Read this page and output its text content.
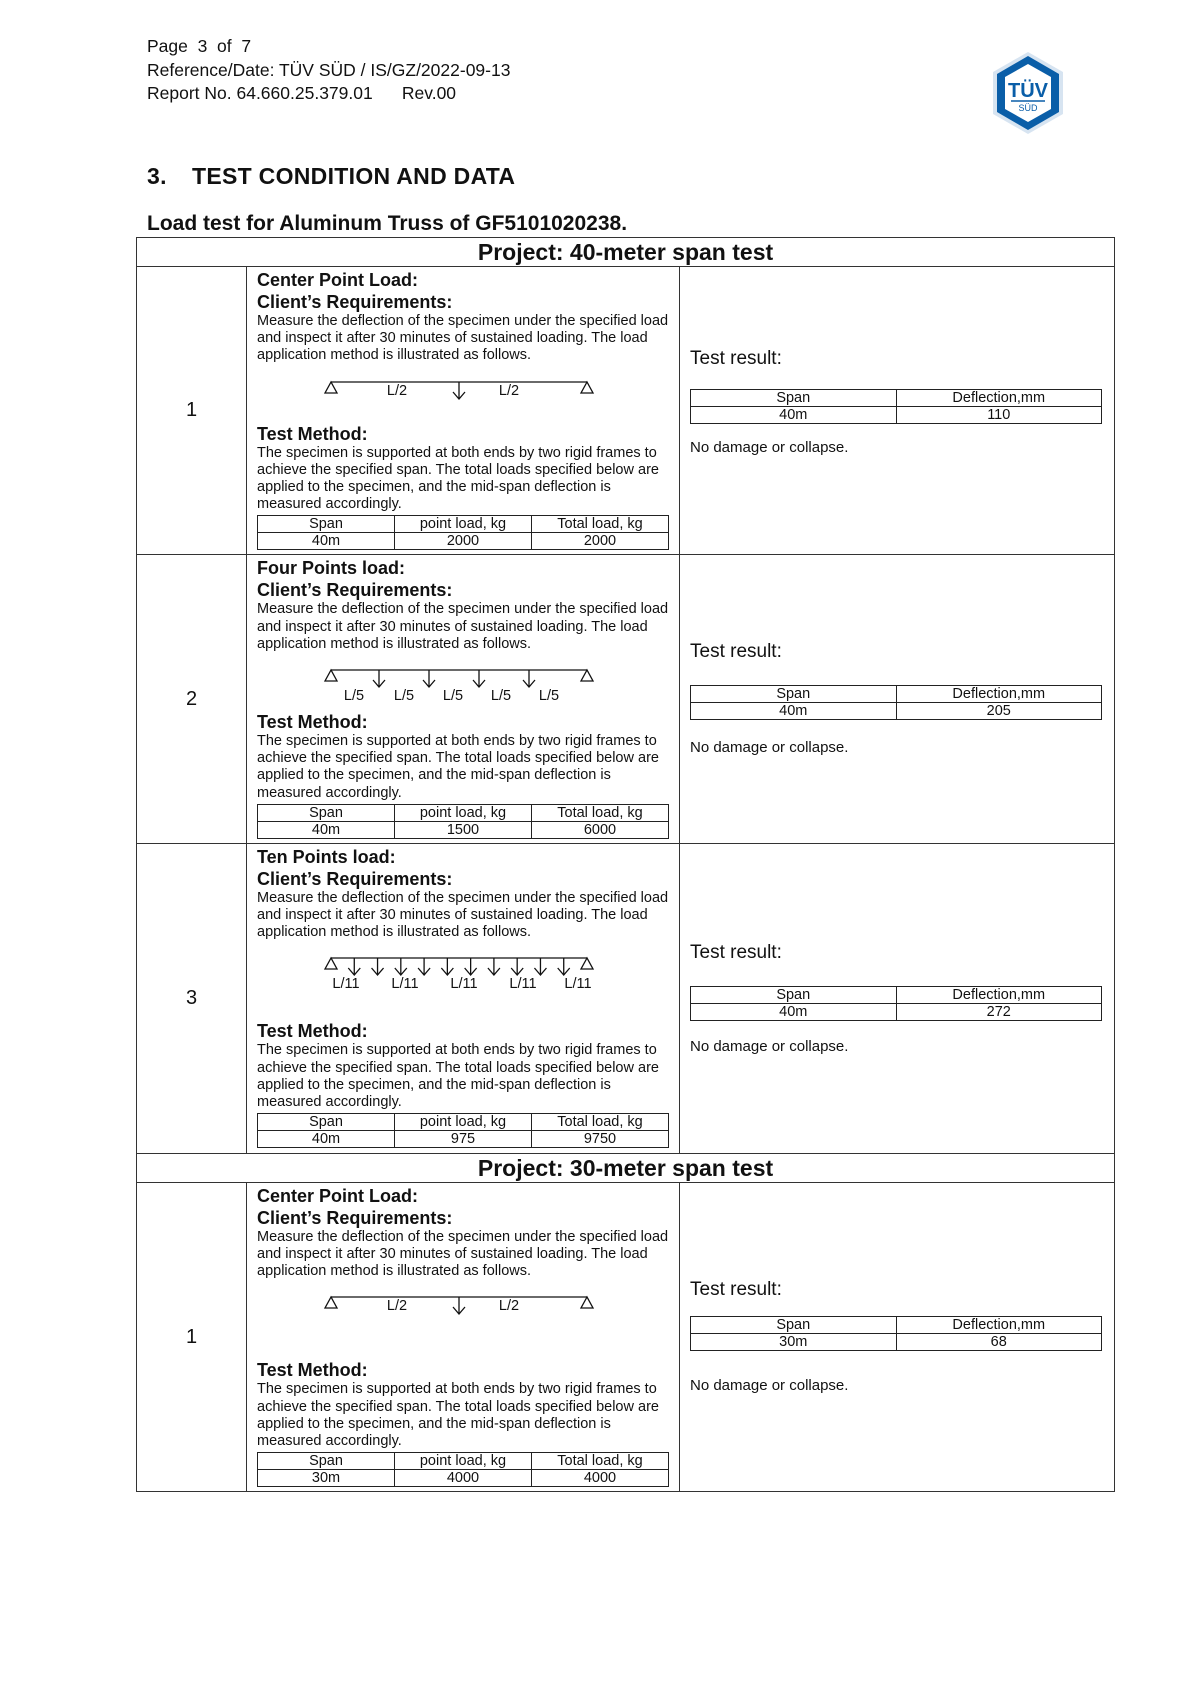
Page  3  of  7
Reference/Date: TÜV SÜD / IS/GZ/2022-09-13
Report No. 64.660.25.379.01      Rev.00	TÜV
SÜD
3. TEST CONDITION AND DATA
Load test for Aluminum Truss of GF5101020238.
Project: 40-meter span test
1	
Center Point Load:
Client’s Requirements:
Measure the deflection of the specimen under the specified load and inspect it after 30 minutes of sustained loading. The load application method is illustrated as follows.
L/2	L/2
Test Method:
The specimen is supported at both ends by two rigid frames to achieve the specified span. The total loads specified below are applied to the specimen, and the mid-span deflection is measured accordingly.
Span	point load, kg	Total load, kg
40m	2000	2000

Test result:
Span	Deflection,mm
40m	110
No damage or collapse.

2	
Four Points load:
Client’s Requirements:
Measure the deflection of the specimen under the specified load and inspect it after 30 minutes of sustained loading. The load application method is illustrated as follows.
L/5 L/5 L/5 L/5 L/5
Test Method:
The specimen is supported at both ends by two rigid frames to achieve the specified span. The total loads specified below are applied to the specimen, and the mid-span deflection is measured accordingly.
Span	point load, kg	Total load, kg
40m	1500	6000

Test result:
Span	Deflection,mm
40m	205
No damage or collapse.

3	
Ten Points load:
Client’s Requirements:
Measure the deflection of the specimen under the specified load and inspect it after 30 minutes of sustained loading. The load application method is illustrated as follows.
L/11 L/11 L/11 L/11 L/11
Test Method:
The specimen is supported at both ends by two rigid frames to achieve the specified span. The total loads specified below are applied to the specimen, and the mid-span deflection is measured accordingly.
Span	point load, kg	Total load, kg
40m	975	9750

Test result:
Span	Deflection,mm
40m	272
No damage or collapse.

Project: 30-meter span test
1	
Center Point Load:
Client’s Requirements:
Measure the deflection of the specimen under the specified load and inspect it after 30 minutes of sustained loading. The load application method is illustrated as follows.
L/2	L/2
Test Method:
The specimen is supported at both ends by two rigid frames to achieve the specified span. The total loads specified below are applied to the specimen, and the mid-span deflection is measured accordingly.
Span	point load, kg	Total load, kg
30m	4000	4000

Test result:
Span	Deflection,mm
30m	68
No damage or collapse.
